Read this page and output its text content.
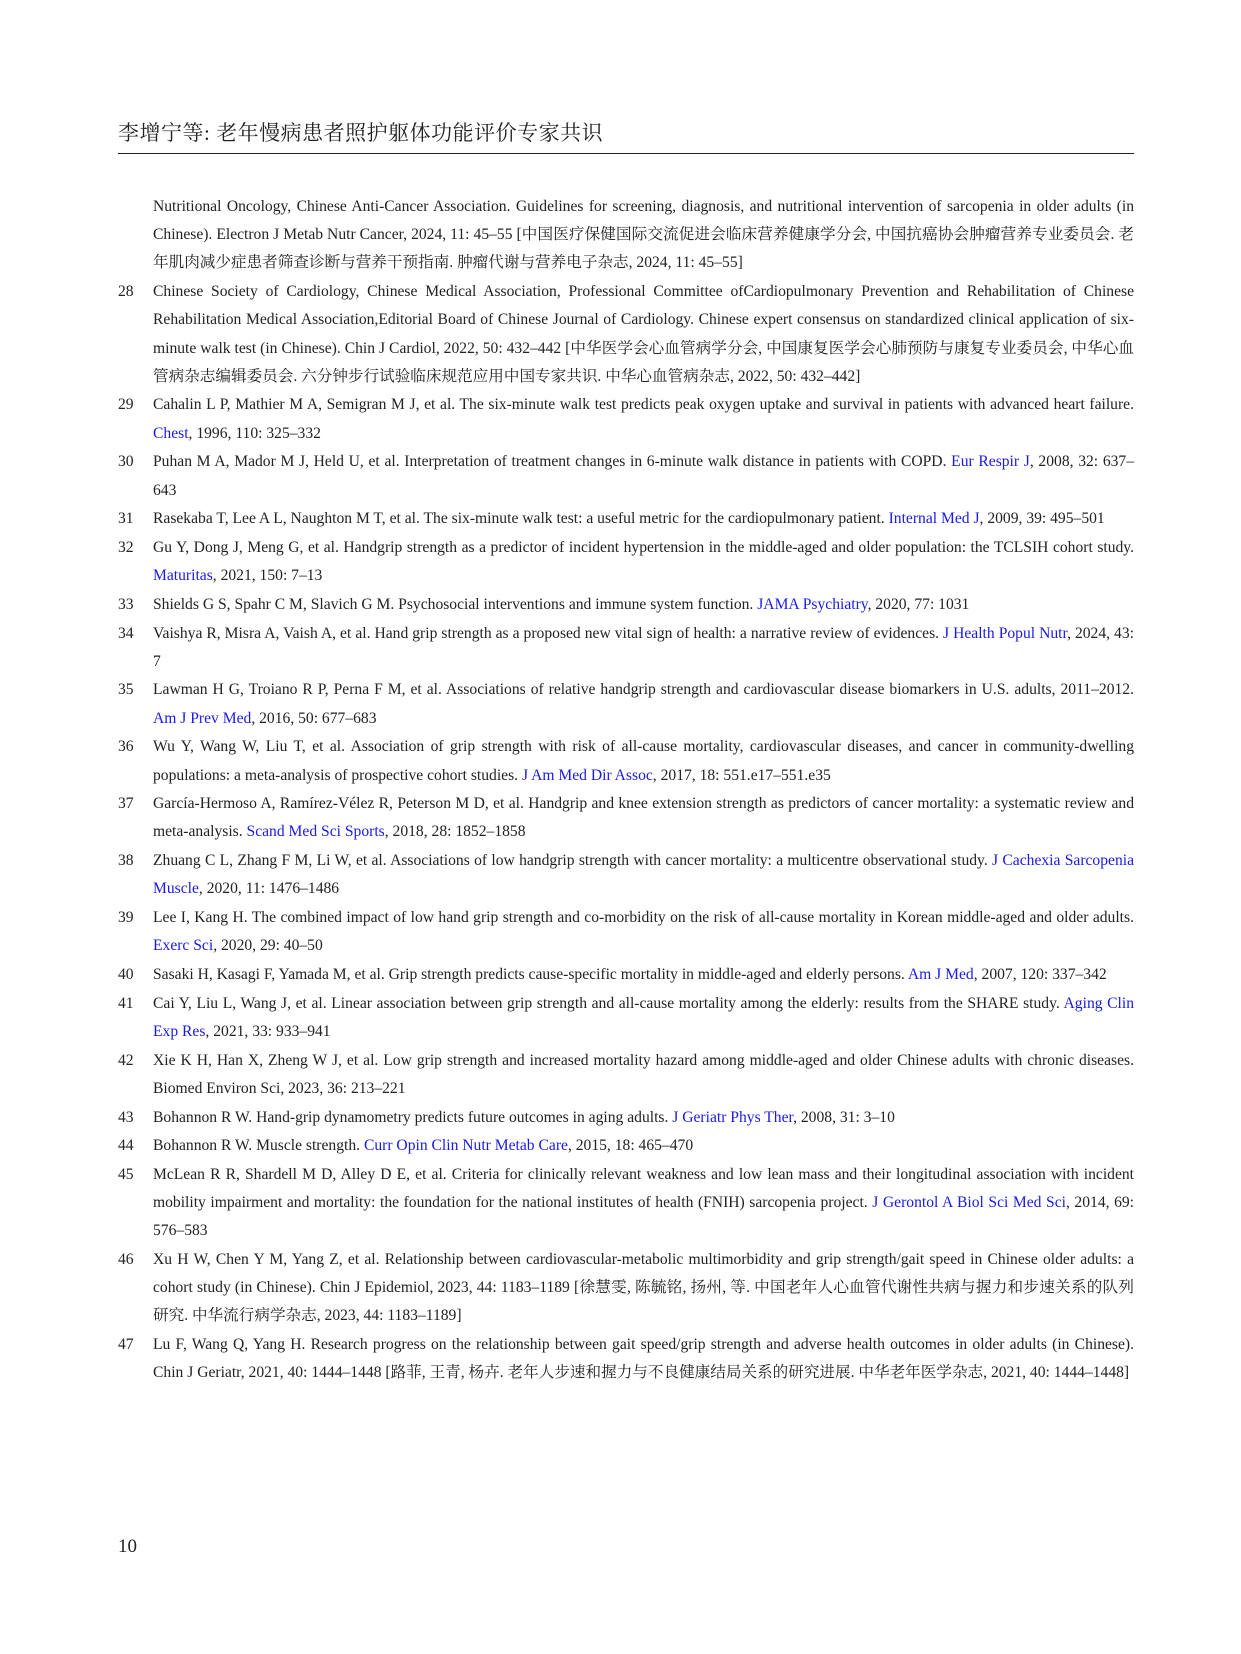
李增宁等: 老年慢病患者照护躯体功能评价专家共识
Nutritional Oncology, Chinese Anti-Cancer Association. Guidelines for screening, diagnosis, and nutritional intervention of sarcopenia in older adults (in Chinese). Electron J Metab Nutr Cancer, 2024, 11: 45–55 [中国医疗保健国际交流促进会临床营养健康学分会, 中国抗癌协会肿瘤营养专业委员会. 老年肌肉减少症患者筛查诊断与营养干预指南. 肿瘤代谢与营养电子杂志, 2024, 11: 45–55]
28 Chinese Society of Cardiology, Chinese Medical Association, Professional Committee ofCardiopulmonary Prevention and Rehabilitation of Chinese Rehabilitation Medical Association,Editorial Board of Chinese Journal of Cardiology. Chinese expert consensus on standardized clinical application of six-minute walk test (in Chinese). Chin J Cardiol, 2022, 50: 432–442 [中华医学会心血管病学分会, 中国康复医学会心肺预防与康复专业委员会, 中华心血管病杂志编辑委员会. 六分钟步行试验临床规范应用中国专家共识. 中华心血管病杂志, 2022, 50: 432–442]
29 Cahalin L P, Mathier M A, Semigran M J, et al. The six-minute walk test predicts peak oxygen uptake and survival in patients with advanced heart failure. Chest, 1996, 110: 325–332
30 Puhan M A, Mador M J, Held U, et al. Interpretation of treatment changes in 6-minute walk distance in patients with COPD. Eur Respir J, 2008, 32: 637–643
31 Rasekaba T, Lee A L, Naughton M T, et al. The six-minute walk test: a useful metric for the cardiopulmonary patient. Internal Med J, 2009, 39: 495–501
32 Gu Y, Dong J, Meng G, et al. Handgrip strength as a predictor of incident hypertension in the middle-aged and older population: the TCLSIH cohort study. Maturitas, 2021, 150: 7–13
33 Shields G S, Spahr C M, Slavich G M. Psychosocial interventions and immune system function. JAMA Psychiatry, 2020, 77: 1031
34 Vaishya R, Misra A, Vaish A, et al. Hand grip strength as a proposed new vital sign of health: a narrative review of evidences. J Health Popul Nutr, 2024, 43: 7
35 Lawman H G, Troiano R P, Perna F M, et al. Associations of relative handgrip strength and cardiovascular disease biomarkers in U.S. adults, 2011–2012. Am J Prev Med, 2016, 50: 677–683
36 Wu Y, Wang W, Liu T, et al. Association of grip strength with risk of all-cause mortality, cardiovascular diseases, and cancer in community-dwelling populations: a meta-analysis of prospective cohort studies. J Am Med Dir Assoc, 2017, 18: 551.e17–551.e35
37 García-Hermoso A, Ramírez-Vélez R, Peterson M D, et al. Handgrip and knee extension strength as predictors of cancer mortality: a systematic review and meta-analysis. Scand Med Sci Sports, 2018, 28: 1852–1858
38 Zhuang C L, Zhang F M, Li W, et al. Associations of low handgrip strength with cancer mortality: a multicentre observational study. J Cachexia Sarcopenia Muscle, 2020, 11: 1476–1486
39 Lee I, Kang H. The combined impact of low hand grip strength and co-morbidity on the risk of all-cause mortality in Korean middle-aged and older adults. Exerc Sci, 2020, 29: 40–50
40 Sasaki H, Kasagi F, Yamada M, et al. Grip strength predicts cause-specific mortality in middle-aged and elderly persons. Am J Med, 2007, 120: 337–342
41 Cai Y, Liu L, Wang J, et al. Linear association between grip strength and all-cause mortality among the elderly: results from the SHARE study. Aging Clin Exp Res, 2021, 33: 933–941
42 Xie K H, Han X, Zheng W J, et al. Low grip strength and increased mortality hazard among middle-aged and older Chinese adults with chronic diseases. Biomed Environ Sci, 2023, 36: 213–221
43 Bohannon R W. Hand-grip dynamometry predicts future outcomes in aging adults. J Geriatr Phys Ther, 2008, 31: 3–10
44 Bohannon R W. Muscle strength. Curr Opin Clin Nutr Metab Care, 2015, 18: 465–470
45 McLean R R, Shardell M D, Alley D E, et al. Criteria for clinically relevant weakness and low lean mass and their longitudinal association with incident mobility impairment and mortality: the foundation for the national institutes of health (FNIH) sarcopenia project. J Gerontol A Biol Sci Med Sci, 2014, 69: 576–583
46 Xu H W, Chen Y M, Yang Z, et al. Relationship between cardiovascular-metabolic multimorbidity and grip strength/gait speed in Chinese older adults: a cohort study (in Chinese). Chin J Epidemiol, 2023, 44: 1183–1189 [徐慧雯, 陈毓铭, 扬州, 等. 中国老年人心血管代谢性共病与握力和步速关系的队列研究. 中华流行病学杂志, 2023, 44: 1183–1189]
47 Lu F, Wang Q, Yang H. Research progress on the relationship between gait speed/grip strength and adverse health outcomes in older adults (in Chinese). Chin J Geriatr, 2021, 40: 1444–1448 [路菲, 王青, 杨卉. 老年人步速和握力与不良健康结局关系的研究进展. 中华老年医学杂志, 2021, 40: 1444–1448]
10
